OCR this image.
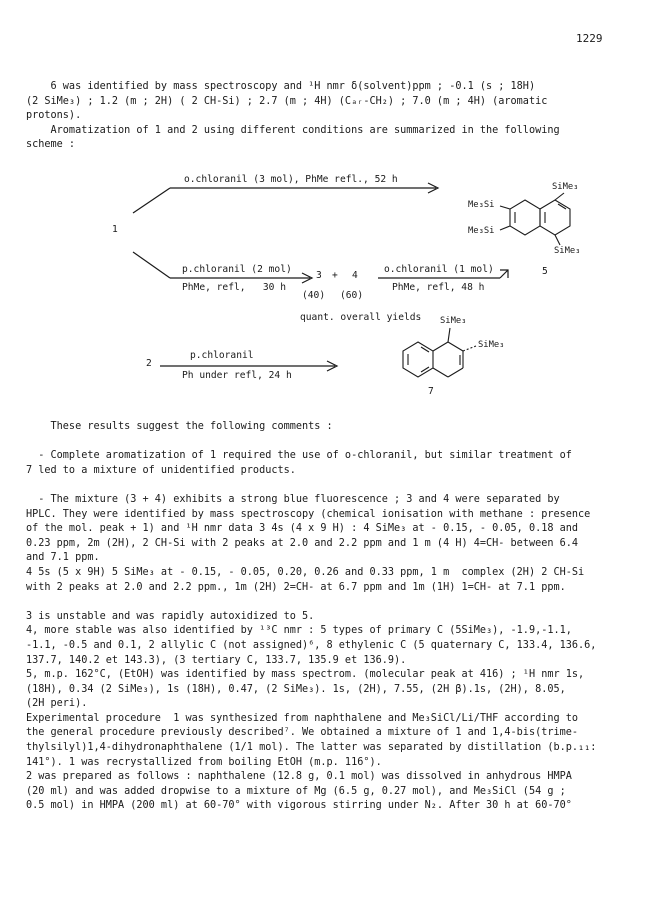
1229
6 was identified by mass spectroscopy and ¹H nmr δ(solvent)ppm ; -0.1 (s ; 18H)
(2 SiMe₃) ; 1.2 (m ; 2H) ( 2 CH-Si) ; 2.7 (m ; 4H) (Cₐᵣ-CH₂) ; 7.0 (m ; 4H) (aromatic
protons).
Aromatization of 1 and 2 using different conditions are summarized in the following
scheme :
1
o.chloranil (3 mol), PhMe refl., 52 h
p.chloranil (2 mol)
PhMe, refl,   30 h
3 + 4
(40) (60)
o.chloranil (1 mol)
PhMe, refl, 48 h
5
SiMe₃
Me₃Si
Me₃Si
SiMe₃
quant. overall yields
2
p.chloranil
Ph under refl, 24 h
SiMe₃
SiMe₃
7
These results suggest the following comments :
- Complete aromatization of 1 required the use of o-chloranil, but similar treatment of
7 led to a mixture of unidentified products.
- The mixture (3 + 4) exhibits a strong blue fluorescence ; 3 and 4 were separated by
HPLC. They were identified by mass spectroscopy (chemical ionisation with methane : presence
of the mol. peak + 1) and ¹H nmr data 3 4s (4 x 9 H) : 4 SiMe₃ at - 0.15, - 0.05, 0.18 and
0.23 ppm, 2m (2H), 2 CH-Si with 2 peaks at 2.0 and 2.2 ppm and 1 m (4 H) 4=CH- between 6.4
and 7.1 ppm.
4 5s (5 x 9H) 5 SiMe₃ at - 0.15, - 0.05, 0.20, 0.26 and 0.33 ppm, 1 m  complex (2H) 2 CH-Si
with 2 peaks at 2.0 and 2.2 ppm., 1m (2H) 2=CH- at 6.7 ppm and 1m (1H) 1=CH- at 7.1 ppm.
3 is unstable and was rapidly autoxidized to 5.
4, more stable was also identified by ¹³C nmr : 5 types of primary C (5SiMe₃), -1.9,-1.1,
-1.1, -0.5 and 0.1, 2 allylic C (not assigned)⁶, 8 ethylenic C (5 quaternary C, 133.4, 136.6,
137.7, 140.2 et 143.3), (3 tertiary C, 133.7, 135.9 et 136.9).
5, m.p. 162°C, (EtOH) was identified by mass spectrom. (molecular peak at 416) ; ¹H nmr 1s,
(18H), 0.34 (2 SiMe₃), 1s (18H), 0.47, (2 SiMe₃). 1s, (2H), 7.55, (2H β).1s, (2H), 8.05,
(2H peri).
Experimental procedure  1 was synthesized from naphthalene and Me₃SiCl/Li/THF according to
the general procedure previously described⁷. We obtained a mixture of 1 and 1,4-bis(trime-
thylsilyl)1,4-dihydronaphthalene (1/1 mol). The latter was separated by distillation (b.p.₁₁:
141°). 1 was recrystallized from boiling EtOH (m.p. 116°).
2 was prepared as follows : naphthalene (12.8 g, 0.1 mol) was dissolved in anhydrous HMPA
(20 ml) and was added dropwise to a mixture of Mg (6.5 g, 0.27 mol), and Me₃SiCl (54 g ;
0.5 mol) in HMPA (200 ml) at 60-70° with vigorous stirring under N₂. After 30 h at 60-70°
